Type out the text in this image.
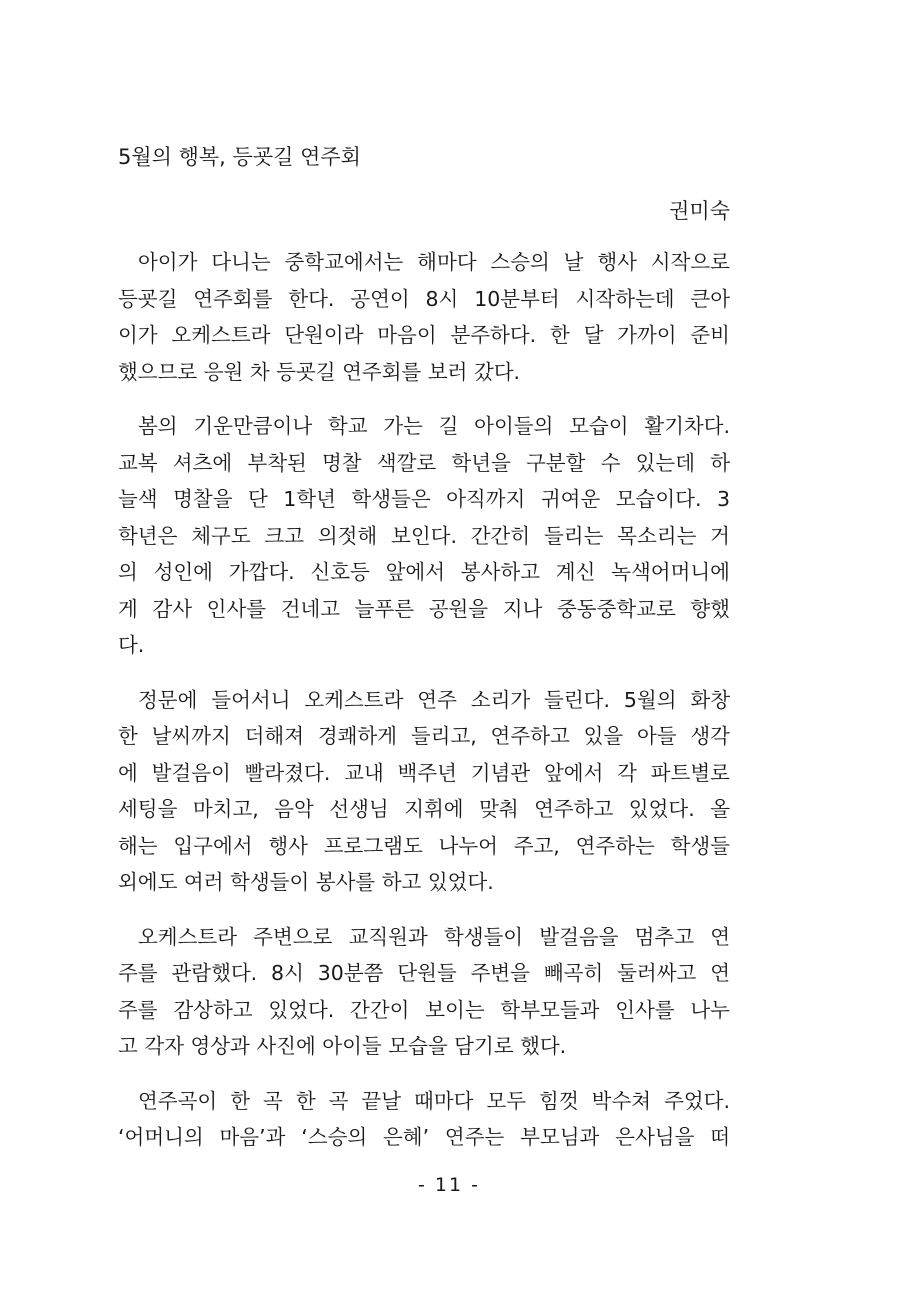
5월의 행복, 등굣길 연주회
권미숙
아이가 다니는 중학교에서는 해마다 스승의 날 행사 시작으로
등굣길 연주회를 한다. 공연이 8시 10분부터 시작하는데 큰아
이가 오케스트라 단원이라 마음이 분주하다. 한 달 가까이 준비
했으므로 응원 차 등굣길 연주회를 보러 갔다.
봄의 기운만큼이나 학교 가는 길 아이들의 모습이 활기차다.
교복 셔츠에 부착된 명찰 색깔로 학년을 구분할 수 있는데 하
늘색 명찰을 단 1학년 학생들은 아직까지 귀여운 모습이다. 3
학년은 체구도 크고 의젓해 보인다. 간간히 들리는 목소리는 거
의 성인에 가깝다. 신호등 앞에서 봉사하고 계신 녹색어머니에
게 감사 인사를 건네고 늘푸른 공원을 지나 중동중학교로 향했
다.
정문에 들어서니 오케스트라 연주 소리가 들린다. 5월의 화창
한 날씨까지 더해져 경쾌하게 들리고, 연주하고 있을 아들 생각
에 발걸음이 빨라졌다. 교내 백주년 기념관 앞에서 각 파트별로
세팅을 마치고, 음악 선생님 지휘에 맞춰 연주하고 있었다. 올
해는 입구에서 행사 프로그램도 나누어 주고, 연주하는 학생들
외에도 여러 학생들이 봉사를 하고 있었다.
오케스트라 주변으로 교직원과 학생들이 발걸음을 멈추고 연
주를 관람했다. 8시 30분쯤 단원들 주변을 빼곡히 둘러싸고 연
주를 감상하고 있었다. 간간이 보이는 학부모들과 인사를 나누
고 각자 영상과 사진에 아이들 모습을 담기로 했다.
연주곡이 한 곡 한 곡 끝날 때마다 모두 힘껏 박수쳐 주었다.
‘어머니의 마음’과 ‘스승의 은혜’ 연주는 부모님과 은사님을 떠
- 11 -
